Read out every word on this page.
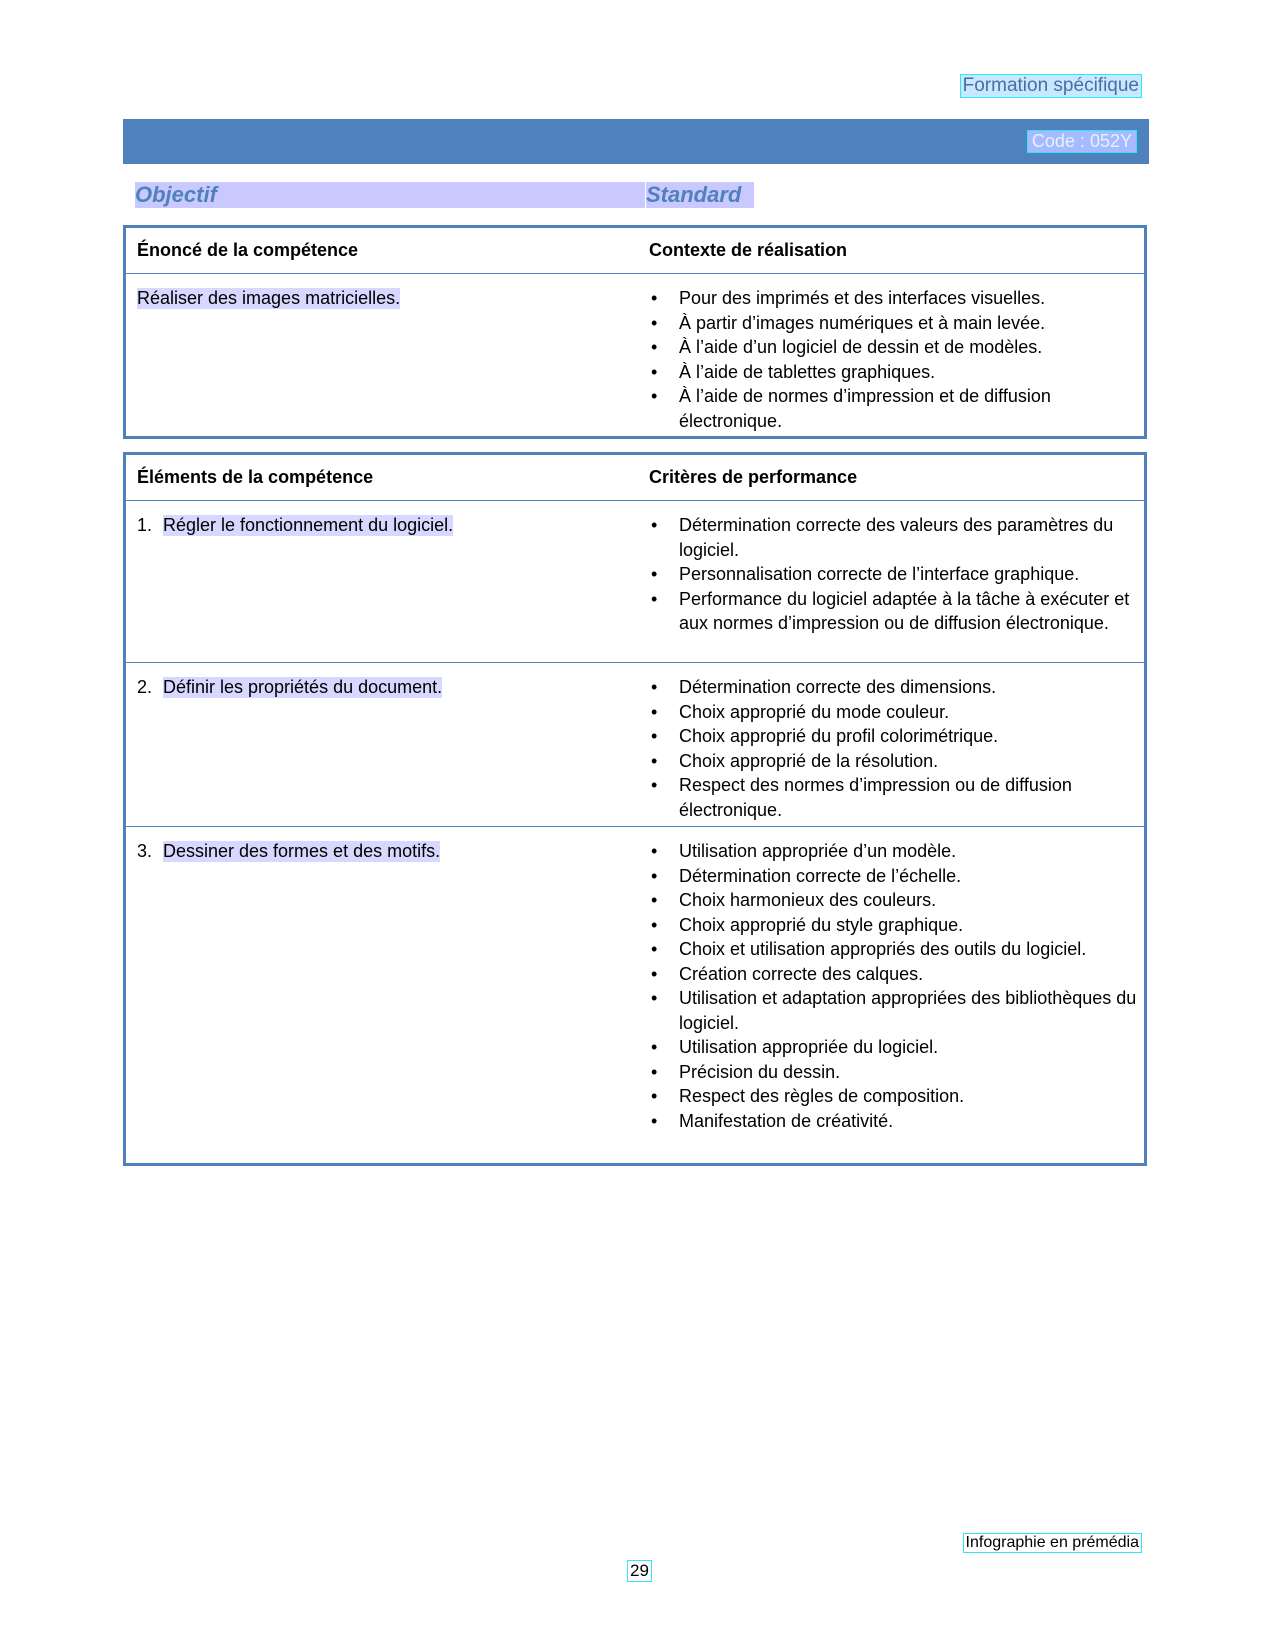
Formation spécifique
Code : 052Y
Objectif	Standard
Énoncé de la compétence	Contexte de réalisation
Réaliser des images matricielles.	• Pour des imprimés et des interfaces visuelles.
• À partir d’images numériques et à main levée.
• À l’aide d’un logiciel de dessin et de modèles.
• À l’aide de tablettes graphiques.
• À l’aide de normes d’impression et de diffusion électronique.
Éléments de la compétence	Critères de performance
1. Régler le fonctionnement du logiciel.	• Détermination correcte des valeurs des paramètres du logiciel.
• Personnalisation correcte de l’interface graphique.
• Performance du logiciel adaptée à la tâche à exécuter et aux normes d’impression ou de diffusion électronique.
2. Définir les propriétés du document.	• Détermination correcte des dimensions.
• Choix approprié du mode couleur.
• Choix approprié du profil colorimétrique.
• Choix approprié de la résolution.
• Respect des normes d’impression ou de diffusion électronique.
3. Dessiner des formes et des motifs.	• Utilisation appropriée d’un modèle.
• Détermination correcte de l’échelle.
• Choix harmonieux des couleurs.
• Choix approprié du style graphique.
• Choix et utilisation appropriés des outils du logiciel.
• Création correcte des calques.
• Utilisation et adaptation appropriées des bibliothèques du logiciel.
• Utilisation appropriée du logiciel.
• Précision du dessin.
• Respect des règles de composition.
• Manifestation de créativité.
Infographie en prémédia
29
